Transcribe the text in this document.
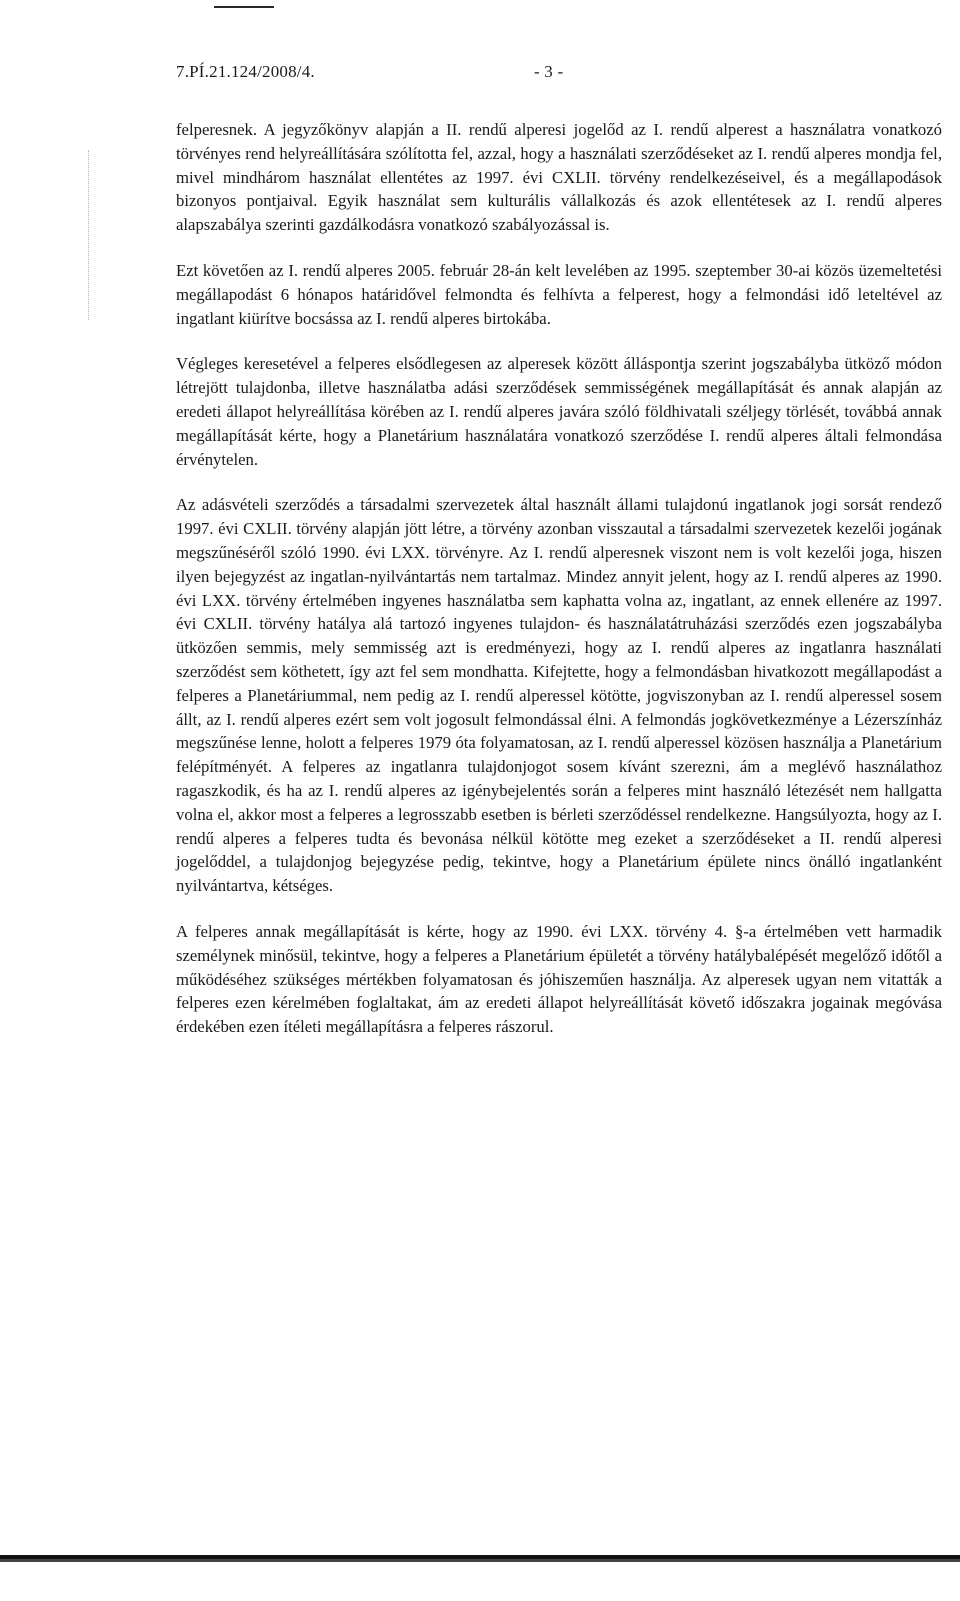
7.PÍ.21.124/2008/4.	- 3 -

felperesnek. A jegyzőkönyv alapján a II. rendű alperesi jogelőd az I. rendű alperest a használatra vonatkozó törvényes rend helyreállítására szólította fel, azzal, hogy a használati szerződéseket az I. rendű alperes mondja fel, mivel mindhárom használat ellentétes az 1997. évi CXLII. törvény rendelkezéseivel, és a megállapodások bizonyos pontjaival. Egyik használat sem kulturális vállalkozás és azok ellentétesek az I. rendű alperes alapszabálya szerinti gazdálkodásra vonatkozó szabályozással is.

Ezt követően az I. rendű alperes 2005. február 28-án kelt levelében az 1995. szeptember 30-ai közös üzemeltetési megállapodást 6 hónapos határidővel felmondta és felhívta a felperest, hogy a felmondási idő leteltével az ingatlant kiürítve bocsássa az I. rendű alperes birtokába.

Végleges keresetével a felperes elsődlegesen az alperesek között álláspontja szerint jogszabályba ütköző módon létrejött tulajdonba, illetve használatba adási szerződések semmisségének megállapítását és annak alapján az eredeti állapot helyreállítása körében az I. rendű alperes javára szóló földhivatali széljegy törlését, továbbá annak megállapítását kérte, hogy a Planetárium használatára vonatkozó szerződése I. rendű alperes általi felmondása érvénytelen.

Az adásvételi szerződés a társadalmi szervezetek által használt állami tulajdonú ingatlanok jogi sorsát rendező 1997. évi CXLII. törvény alapján jött létre, a törvény azonban visszautal a társadalmi szervezetek kezelői jogának megszűnéséről szóló 1990. évi LXX. törvényre. Az I. rendű alperesnek viszont nem is volt kezelői joga, hiszen ilyen bejegyzést az ingatlan-nyilvántartás nem tartalmaz. Mindez annyit jelent, hogy az I. rendű alperes az 1990. évi LXX. törvény értelmében ingyenes használatba sem kaphatta volna az, ingatlant, az ennek ellenére az 1997. évi CXLII. törvény hatálya alá tartozó ingyenes tulajdon- és használatátruházási szerződés ezen jogszabályba ütközően semmis, mely semmisség azt is eredményezi, hogy az I. rendű alperes az ingatlanra használati szerződést sem köthetett, így azt fel sem mondhatta. Kifejtette, hogy a felmondásban hivatkozott megállapodást a felperes a Planetáriummal, nem pedig az I. rendű alperessel kötötte, jogviszonyban az I. rendű alperessel sosem állt, az I. rendű alperes ezért sem volt jogosult felmondással élni. A felmondás jogkövetkezménye a Lézerszínház megszűnése lenne, holott a felperes 1979 óta folyamatosan, az I. rendű alperessel közösen használja a Planetárium felépítményét. A felperes az ingatlanra tulajdonjogot sosem kívánt szerezni, ám a meglévő használathoz ragaszkodik, és ha az I. rendű alperes az igénybejelentés során a felperes mint használó létezését nem hallgatta volna el, akkor most a felperes a legrosszabb esetben is bérleti szerződéssel rendelkezne. Hangsúlyozta, hogy az I. rendű alperes a felperes tudta és bevonása nélkül kötötte meg ezeket a szerződéseket a II. rendű alperesi jogelőddel, a tulajdonjog bejegyzése pedig, tekintve, hogy a Planetárium épülete nincs önálló ingatlanként nyilvántartva, kétséges.

A felperes annak megállapítását is kérte, hogy az 1990. évi LXX. törvény 4. §-a értelmében vett harmadik személynek minősül, tekintve, hogy a felperes a Planetárium épületét a törvény hatálybalépését megelőző időtől a működéséhez szükséges mértékben folyamatosan és jóhiszeműen használja. Az alperesek ugyan nem vitatták a felperes ezen kérelmében foglaltakat, ám az eredeti állapot helyreállítását követő időszakra jogainak megóvása érdekében ezen ítéleti megállapításra a felperes rászorul.
